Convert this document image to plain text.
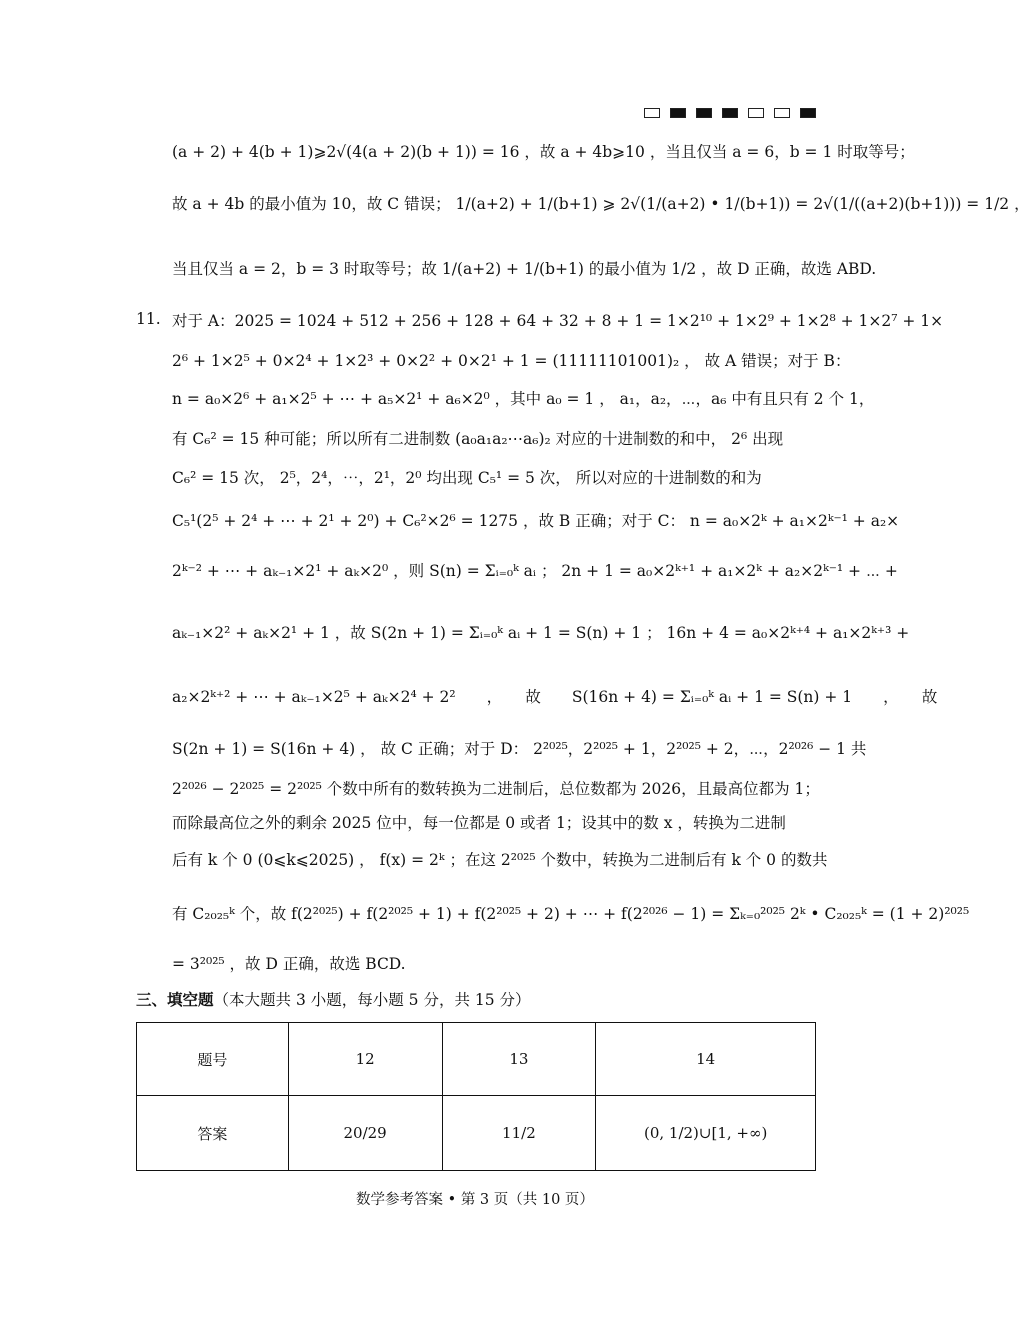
(a + 2) + 4(b + 1)⩾2√(4(a + 2)(b + 1)) = 16 ，故 a + 4b⩾10 ，当且仅当 a = 6，b = 1 时取等号；
故 a + 4b 的最小值为 10，故 C 错误； 1/(a+2) + 1/(b+1) ⩾ 2√(1/(a+2) • 1/(b+1)) = 2√(1/((a+2)(b+1))) = 1/2 ，
当且仅当 a = 2，b = 3 时取等号；故 1/(a+2) + 1/(b+1) 的最小值为 1/2 ，故 D 正确，故选 ABD.
11. 对于 A：2025 = 1024 + 512 + 256 + 128 + 64 + 32 + 8 + 1 = 1×2¹⁰ + 1×2⁹ + 1×2⁸ + 1×2⁷ + 1×
2⁶ + 1×2⁵ + 0×2⁴ + 1×2³ + 0×2² + 0×2¹ + 1 = (11111101001)₂ ， 故 A 错误；对于 B：
n = a₀×2⁶ + a₁×2⁵ + ⋯ + a₅×2¹ + a₆×2⁰ ，其中 a₀ = 1 ， a₁，a₂，⋯，a₆ 中有且只有 2 个 1，
有 C₆² = 15 种可能；所以所有二进制数 (a₀a₁a₂⋯a₆)₂ 对应的十进制数的和中， 2⁶ 出现
C₆² = 15 次， 2⁵，2⁴，⋯，2¹，2⁰ 均出现 C₅¹ = 5 次， 所以对应的十进制数的和为
C₅¹(2⁵ + 2⁴ + ⋯ + 2¹ + 2⁰) + C₆²×2⁶ = 1275 ，故 B 正确；对于 C： n = a₀×2ᵏ + a₁×2ᵏ⁻¹ + a₂×
2ᵏ⁻² + ⋯ + aₖ₋₁×2¹ + aₖ×2⁰ ，则 S(n) = Σᵢ₌₀ᵏ aᵢ ； 2n + 1 = a₀×2ᵏ⁺¹ + a₁×2ᵏ + a₂×2ᵏ⁻¹ + ⋯ +
aₖ₋₁×2² + aₖ×2¹ + 1 ，故 S(2n + 1) = Σᵢ₌₀ᵏ aᵢ + 1 = S(n) + 1 ； 16n + 4 = a₀×2ᵏ⁺⁴ + a₁×2ᵏ⁺³ +
a₂×2ᵏ⁺² + ⋯ + aₖ₋₁×2⁵ + aₖ×2⁴ + 2²　　，　　故　　S(16n + 4) = Σᵢ₌₀ᵏ aᵢ + 1 = S(n) + 1　　，　　故
S(2n + 1) = S(16n + 4) ， 故 C 正确；对于 D： 2²⁰²⁵，2²⁰²⁵ + 1，2²⁰²⁵ + 2，⋯，2²⁰²⁶ − 1 共
2²⁰²⁶ − 2²⁰²⁵ = 2²⁰²⁵ 个数中所有的数转换为二进制后，总位数都为 2026，且最高位都为 1；
而除最高位之外的剩余 2025 位中，每一位都是 0 或者 1；设其中的数 x ，转换为二进制
后有 k 个 0 (0⩽k⩽2025) ， f(x) = 2ᵏ ；在这 2²⁰²⁵ 个数中，转换为二进制后有 k 个 0 的数共
有 C₂₀₂₅ᵏ 个，故 f(2²⁰²⁵) + f(2²⁰²⁵ + 1) + f(2²⁰²⁵ + 2) + ⋯ + f(2²⁰²⁶ − 1) = Σₖ₌₀²⁰²⁵ 2ᵏ • C₂₀₂₅ᵏ = (1 + 2)²⁰²⁵
= 3²⁰²⁵ ，故 D 正确，故选 BCD.
三、填空题（本大题共 3 小题，每小题 5 分，共 15 分）
题号	12	13	14
答案	20/29	11/2	(0, 1/2)∪[1, +∞)
数学参考答案 • 第 3 页（共 10 页）
